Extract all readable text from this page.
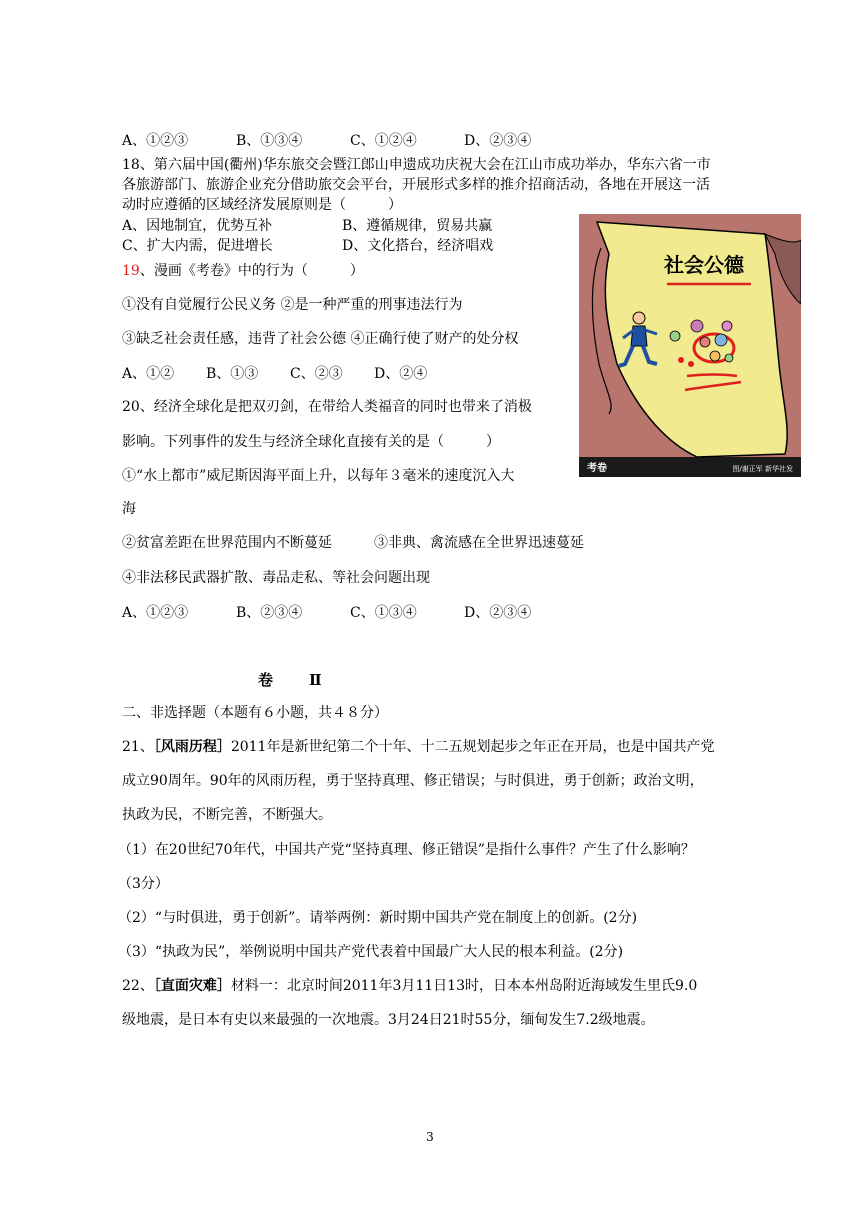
A、①②③	B、①③④	C、①②④	D、②③④
18、第六届中国(衢州)华东旅交会暨江郎山申遗成功庆祝大会在江山市成功举办，华东六省一市
各旅游部门、旅游企业充分借助旅交会平台，开展形式多样的推介招商活动，各地在开展这一活
动时应遵循的区域经济发展原则是（　　　）
A、因地制宜，优势互补	B、遵循规律，贸易共赢
C、扩大内需，促进增长	D、文化搭台，经济唱戏
19、漫画《考卷》中的行为（　　　）
①没有自觉履行公民义务 ②是一种严重的刑事违法行为
③缺乏社会责任感，违背了社会公德 ④正确行使了财产的处分权
A、①② B、①③ C、②③ D、②④
20、经济全球化是把双刃剑，在带给人类福音的同时也带来了消极
影响。下列事件的发生与经济全球化直接有关的是（　　　）
①“水上都市”威尼斯因海平面上升，以每年３毫米的速度沉入大
海
②贫富差距在世界范围内不断蔓延　　　③非典、禽流感在全世界迅速蔓延
④非法移民武器扩散、毒品走私、等社会问题出现
A、①②③	B、②③④	C、①③④	D、②③④
社会公德
考卷	图/谢正军 新华社发
卷　　Ⅱ
二、非选择题（本题有６小题，共４８分）
21、［风雨历程］2011年是新世纪第二个十年、十二五规划起步之年正在开局，也是中国共产党
成立90周年。90年的风雨历程，勇于坚持真理、修正错误；与时俱进，勇于创新；政治文明，
执政为民，不断完善，不断强大。
（1）在20世纪70年代，中国共产党“坚持真理、修正错误”是指什么事件？产生了什么影响？
（3分）
（2）“与时俱进，勇于创新”。请举两例：新时期中国共产党在制度上的创新。(2分)
（3）“执政为民”，举例说明中国共产党代表着中国最广大人民的根本利益。(2分)
22、［直面灾难］材料一：北京时间2011年3月11日13时，日本本州岛附近海域发生里氏9.0
级地震，是日本有史以来最强的一次地震。3月24日21时55分，缅甸发生7.2级地震。
3
